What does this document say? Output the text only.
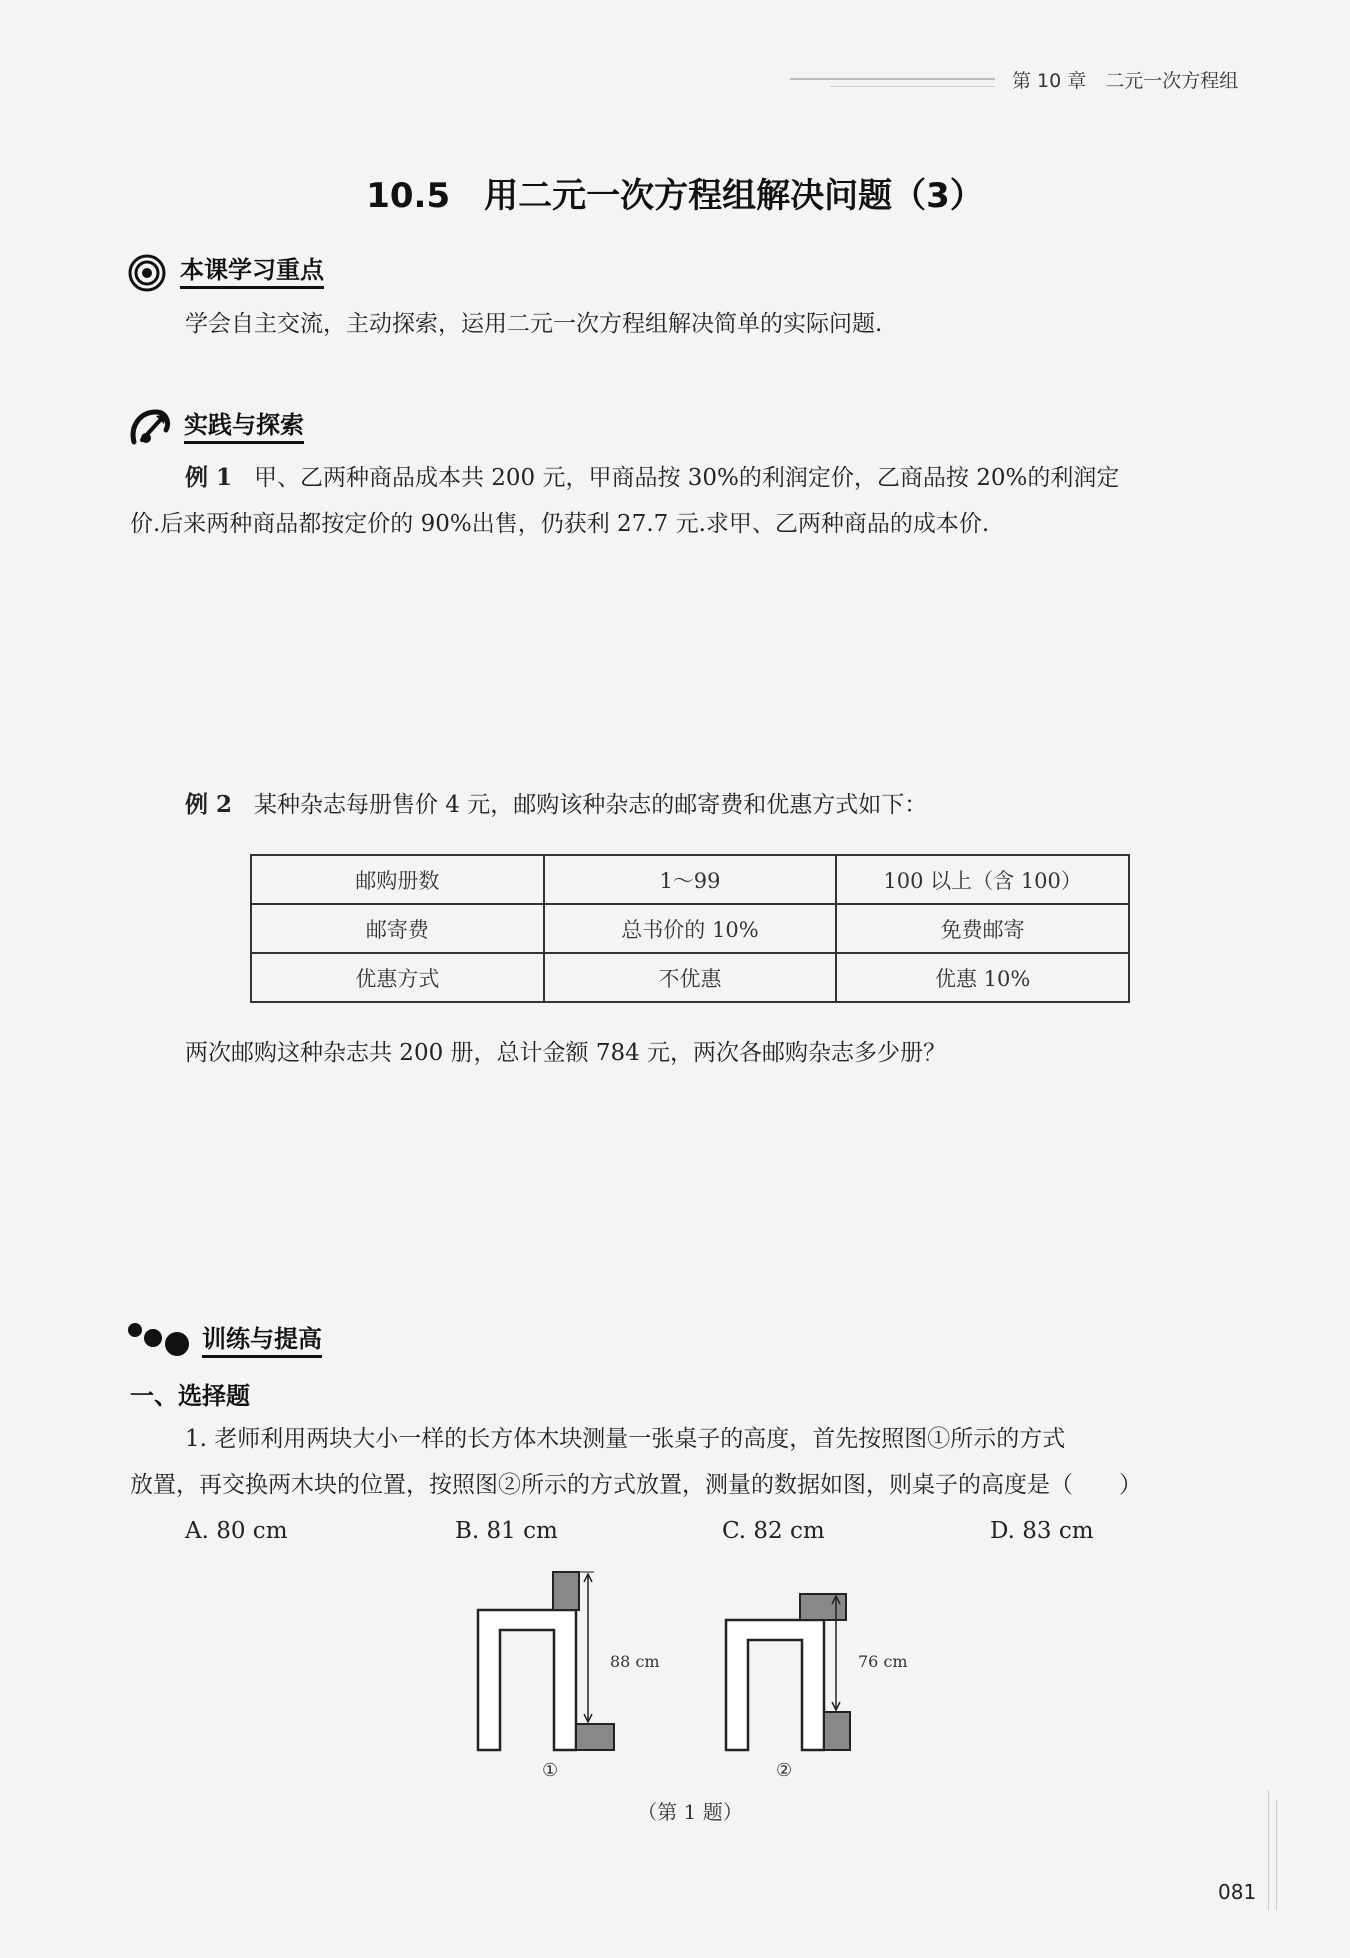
第 10 章　二元一次方程组
10.5　用二元一次方程组解决问题（3）
本课学习重点
学会自主交流，主动探索，运用二元一次方程组解决简单的实际问题.
实践与探索
例 1 甲、乙两种商品成本共 200 元，甲商品按 30%的利润定价，乙商品按 20%的利润定
价.后来两种商品都按定价的 90%出售，仍获利 27.7 元.求甲、乙两种商品的成本价.
例 2 某种杂志每册售价 4 元，邮购该种杂志的邮寄费和优惠方式如下：
邮购册数	1～99	100 以上（含 100）
邮寄费	总书价的 10%	免费邮寄
优惠方式	不优惠	优惠 10%
两次邮购这种杂志共 200 册，总计金额 784 元，两次各邮购杂志多少册？
训练与提高
一、选择题
1. 老师利用两块大小一样的长方体木块测量一张桌子的高度，首先按照图①所示的方式
放置，再交换两木块的位置，按照图②所示的方式放置，测量的数据如图，则桌子的高度是（　　）
A. 80 cm	B. 81 cm	C. 82 cm	D. 83 cm
88 cm	76 cm
①	②
（第 1 题）
081
